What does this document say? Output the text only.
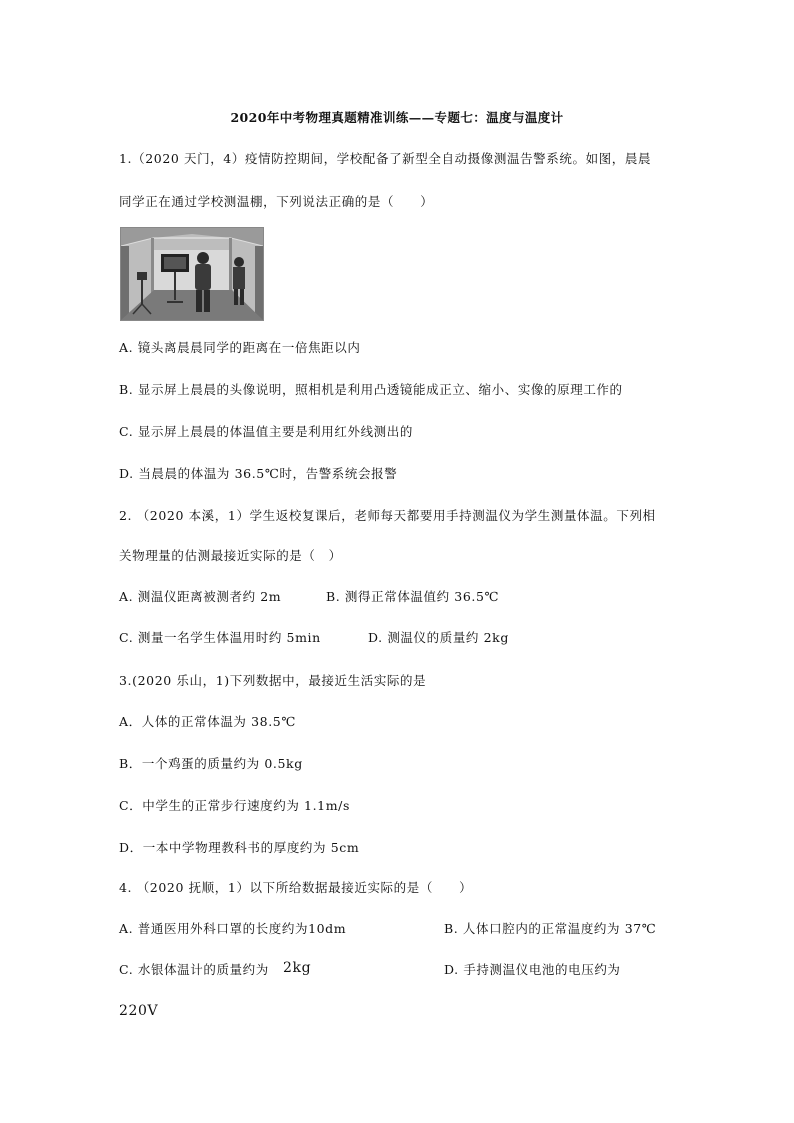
2020年中考物理真题精准训练——专题七：温度与温度计
1.（2020 天门，4）疫情防控期间，学校配备了新型全自动摄像测温告警系统。如图，晨晨
同学正在通过学校测温棚，下列说法正确的是（　　）
A. 镜头离晨晨同学的距离在一倍焦距以内
B. 显示屏上晨晨的头像说明，照相机是利用凸透镜能成正立、缩小、实像的原理工作的
C. 显示屏上晨晨的体温值主要是利用红外线测出的
D. 当晨晨的体温为 36.5℃时，告警系统会报警
2. （2020 本溪，1）学生返校复课后，老师每天都要用手持测温仪为学生测量体温。下列相
关物理量的估测最接近实际的是（　）
A. 测温仪距离被测者约 2m	B. 测得正常体温值约 36.5℃
C. 测量一名学生体温用时约 5min	D. 测温仪的质量约 2kg
3.(2020 乐山，1)下列数据中，最接近生活实际的是
A．人体的正常体温为 38.5℃
B．一个鸡蛋的质量约为 0.5kg
C．中学生的正常步行速度约为 1.1m/s
D．一本中学物理教科书的厚度约为 5cm
4. （2020 抚顺，1）以下所给数据最接近实际的是（　　）
A. 普通医用外科口罩的长度约为10dm	B. 人体口腔内的正常温度约为 37℃
C. 水银体温计的质量约为 2kg	D. 手持测温仪电池的电压约为
220V
